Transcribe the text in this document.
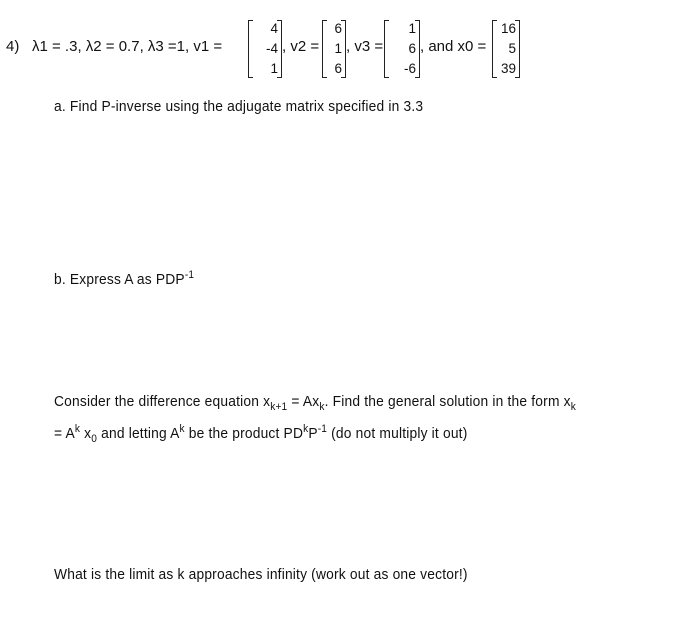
4) λ1 = .3, λ2 = 0.7, λ3 =1, v1 =
4
-4
1
, v2 =
6
1
6
, v3 =
1
6
-6
, and x0 =
16
5
39
a. Find P-inverse using the adjugate matrix specified in 3.3
b. Express A as $PDP^{-1}$
Consider the difference equation $x_{k+1} = Ax_k$. Find the general solution in the form $x_k$
= $A^k$ $x_0$ and letting $A^k$ be the product $PD^kP^{-1}$ (do not multiply it out)
What is the limit as k approaches infinity (work out as one vector!)
